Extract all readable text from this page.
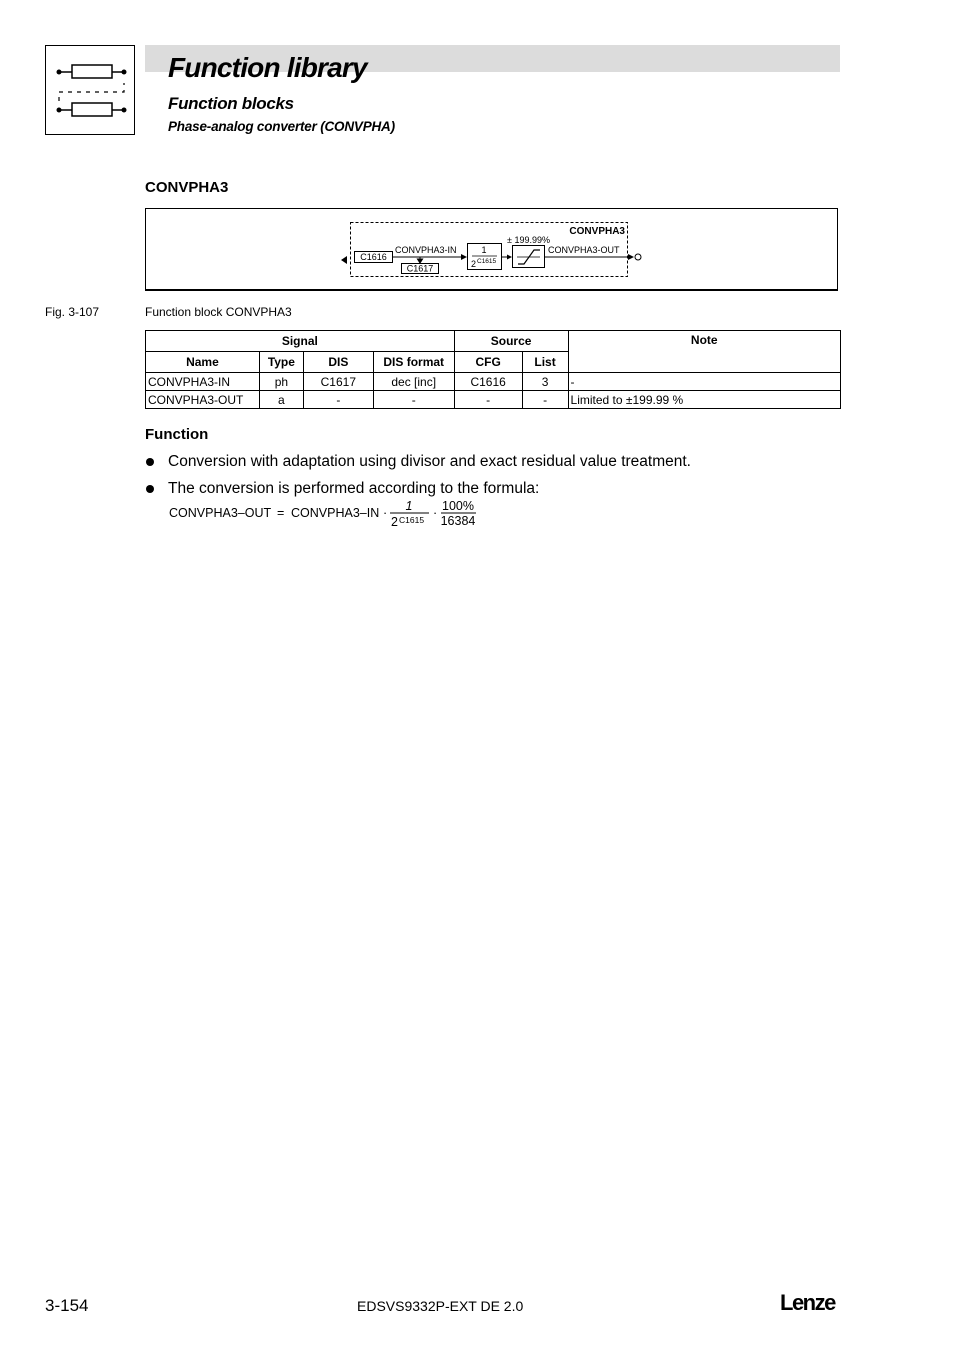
Function library
Function blocks
Phase-analog converter (CONVPHA)
CONVPHA3
CONVPHA3
C1616
CONVPHA3-IN
C1617
1
2 C1615
± 199.99%
CONVPHA3-OUT
Fig. 3-107	Function block CONVPHA3
Signal				Source		Note
Name	Type	DIS	DIS format	CFG	List	
CONVPHA3-IN	ph	C1617	dec [inc]	C1616	3	-
CONVPHA3-OUT	a	-	-	-	-	Limited to ±199.99 %
Function
Conversion with adaptation using divisor and exact residual value treatment.
The conversion is performed according to the formula:
CONVPHA3–OUT = CONVPHA3–IN · 1
2 C1615 · 100%
16384
3-154	EDSVS9332P-EXT DE 2.0	Lenze
